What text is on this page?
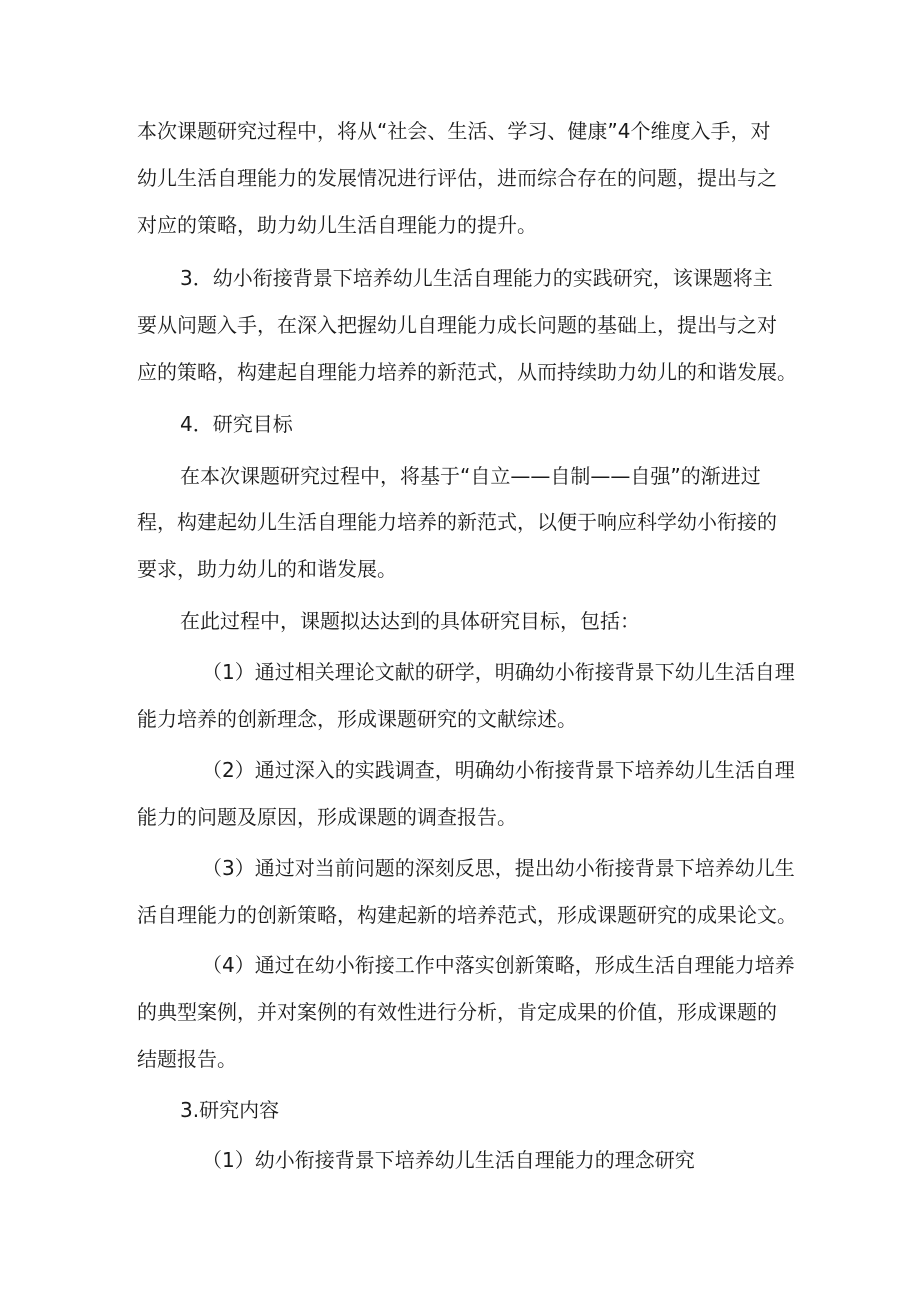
本次课题研究过程中，将从“社会、生活、学习、健康”4个维度入手，对
幼儿生活自理能力的发展情况进行评估，进而综合存在的问题，提出与之
对应的策略，助力幼儿生活自理能力的提升。
3．幼小衔接背景下培养幼儿生活自理能力的实践研究，该课题将主
要从问题入手，在深入把握幼儿自理能力成长问题的基础上，提出与之对
应的策略，构建起自理能力培养的新范式，从而持续助力幼儿的和谐发展。
4．研究目标
在本次课题研究过程中，将基于“自立——自制——自强”的渐进过
程，构建起幼儿生活自理能力培养的新范式，以便于响应科学幼小衔接的
要求，助力幼儿的和谐发展。
在此过程中，课题拟达达到的具体研究目标，包括：
（1）通过相关理论文献的研学，明确幼小衔接背景下幼儿生活自理
能力培养的创新理念，形成课题研究的文献综述。
（2）通过深入的实践调查，明确幼小衔接背景下培养幼儿生活自理
能力的问题及原因，形成课题的调查报告。
（3）通过对当前问题的深刻反思，提出幼小衔接背景下培养幼儿生
活自理能力的创新策略，构建起新的培养范式，形成课题研究的成果论文。
（4）通过在幼小衔接工作中落实创新策略，形成生活自理能力培养
的典型案例，并对案例的有效性进行分析，肯定成果的价值，形成课题的
结题报告。
3.研究内容
（1）幼小衔接背景下培养幼儿生活自理能力的理念研究
